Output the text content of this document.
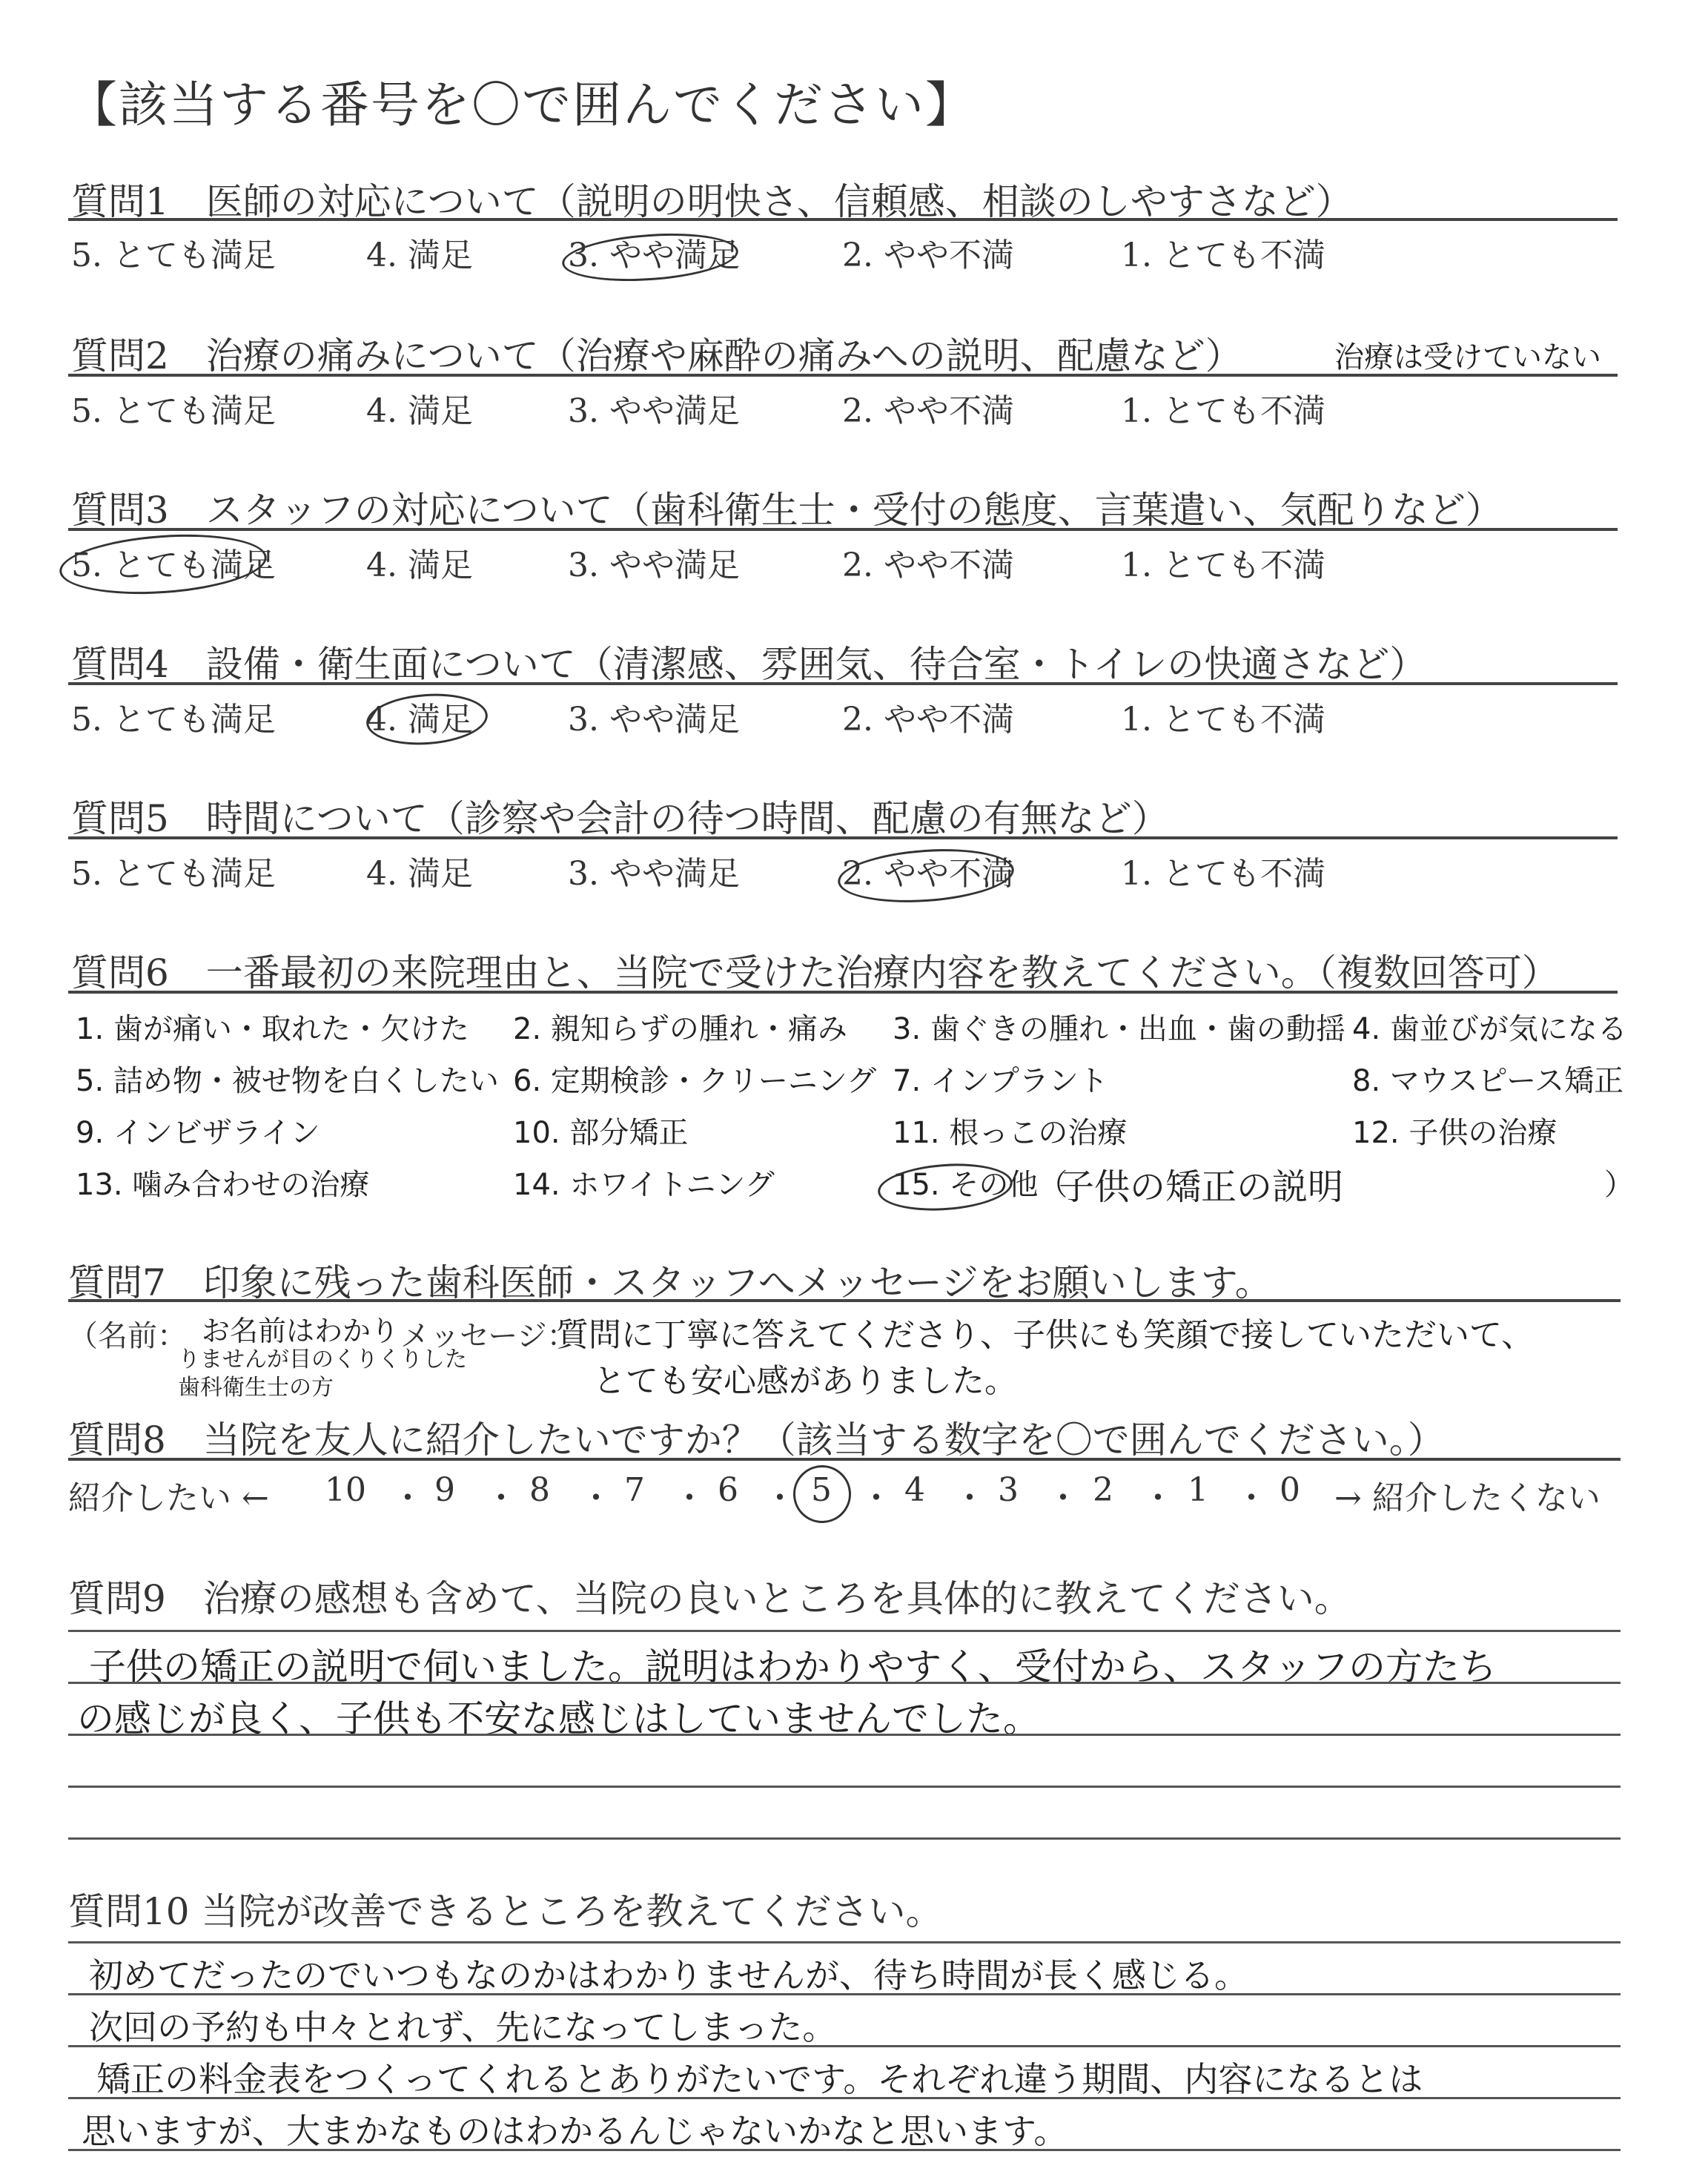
【該当する番号を〇で囲んでください】
質問1　医師の対応について（説明の明快さ、信頼感、相談のしやすさなど）
5. とても満足	4. 満足	3. やや満足	2. やや不満	1. とても不満
質問2　治療の痛みについて（治療や麻酔の痛みへの説明、配慮など）	治療は受けていない
5. とても満足	4. 満足	3. やや満足	2. やや不満	1. とても不満
質問3　スタッフの対応について（歯科衛生士・受付の態度、言葉遣い、気配りなど）
5. とても満足	4. 満足	3. やや満足	2. やや不満	1. とても不満
質問4　設備・衛生面について（清潔感、雰囲気、待合室・トイレの快適さなど）
5. とても満足	4. 満足	3. やや満足	2. やや不満	1. とても不満
質問5　時間について（診察や会計の待つ時間、配慮の有無など）
5. とても満足	4. 満足	3. やや満足	2. やや不満	1. とても不満
質問6　一番最初の来院理由と、当院で受けた治療内容を教えてください。（複数回答可）
1. 歯が痛い・取れた・欠けた 2. 親知らずの腫れ・痛み 3. 歯ぐきの腫れ・出血・歯の動揺 4. 歯並びが気になる
5. 詰め物・被せ物を白くしたい 6. 定期検診・クリーニング 7. インプラント	8. マウスピース矯正
9. インビザライン	10. 部分矯正	11. 根っこの治療	12. 子供の治療
13. 噛み合わせの治療	14. ホワイトニング	15. その他（
子供の矯正の説明	）
質問7　印象に残った歯科医師・スタッフへメッセージをお願いします。
（名前： お名前はわかり メッセージ：
りませんが目のくりくりした
歯科衛生士の方
質問に丁寧に答えてくださり、子供にも笑顔で接していただいて、
とても安心感がありました。
質問8　当院を友人に紹介したいですか？（該当する数字を〇で囲んでください。）
紹介したい ← 10 ・ 9 ・ 8 ・ 7 ・ 6 ・ 5 ・ 4 ・ 3 ・ 2 ・ 1 ・ 0 → 紹介したくない
質問9　治療の感想も含めて、当院の良いところを具体的に教えてください。
子供の矯正の説明で伺いました。説明はわかりやすく、受付から、スタッフの方たち
の感じが良く、子供も不安な感じはしていませんでした。
質問10 当院が改善できるところを教えてください。
初めてだったのでいつもなのかはわかりませんが、待ち時間が長く感じる。
次回の予約も中々とれず、先になってしまった。
矯正の料金表をつくってくれるとありがたいです。それぞれ違う期間、内容になるとは
思いますが、大まかなものはわかるんじゃないかなと思います。
